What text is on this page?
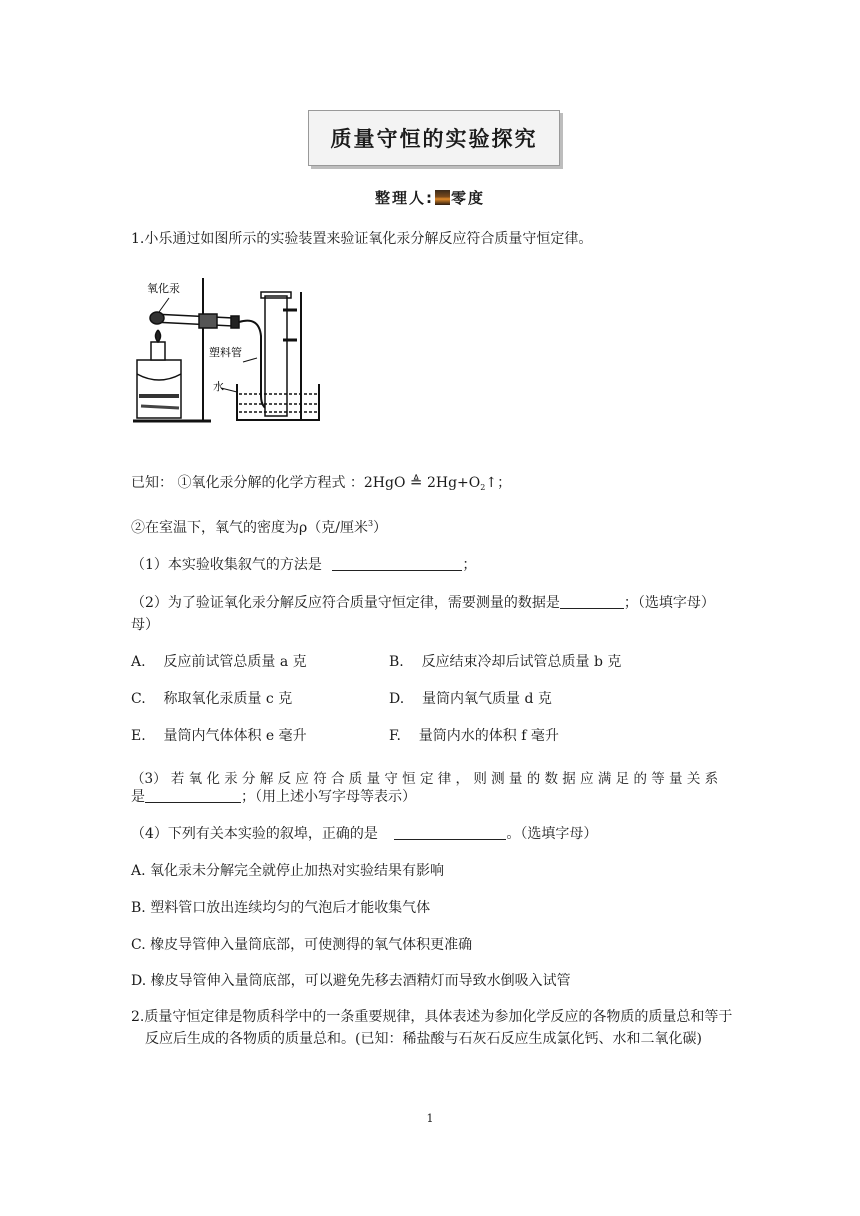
质量守恒的实验探究
整理人: 零度
1.小乐通过如图所示的实验装置来验证氧化汞分解反应符合质量守恒定律。
氧化汞
塑料管
水
已知： ①氧化汞分解的化学方程式 ：2HgO ≜ $2Hg+O_2↑$；
②在室温下，氧气的密度为ρ（克/厘米$^3$）
（1）本实验收集叙气的方法是	；
（2）为了验证氧化汞分解反应符合质量守恒定律，需要测量的数据是	；（选填字母）
母）
A. 反应前试管总质量 a 克	B. 反应结束冷却后试管总质量 b 克
C. 称取氧化汞质量 c 克	D. 量筒内氧气质量 d 克
E. 量筒内气体体积 e 毫升	F. 量筒内水的体积 f 毫升
（3） 若 氧 化 汞 分 解 反 应 符 合 质 量 守 恒 定 律 ， 则 测 量 的 数 据 应 满 足 的 等 量 关 系
是	；（用上述小写字母等表示）
（4）下列有关本实验的叙埠，正确的是	。（选填字母）
A. 氧化汞未分解完全就停止加热对实验结果有影响
B. 塑料管口放出连续均匀的气泡后才能收集气体
C. 橡皮导管伸入量筒底部，可使测得的氧气体积更准确
D. 橡皮导管伸入量筒底部，可以避免先移去酒精灯而导致水倒吸入试管
2.质量守恒定律是物质科学中的一条重要规律，具体表述为参加化学反应的各物质的质量总和等于反应后生成的各物质的质量总和。(已知：稀盐酸与石灰石反应生成氯化钙、水和二氧化碳)
1
